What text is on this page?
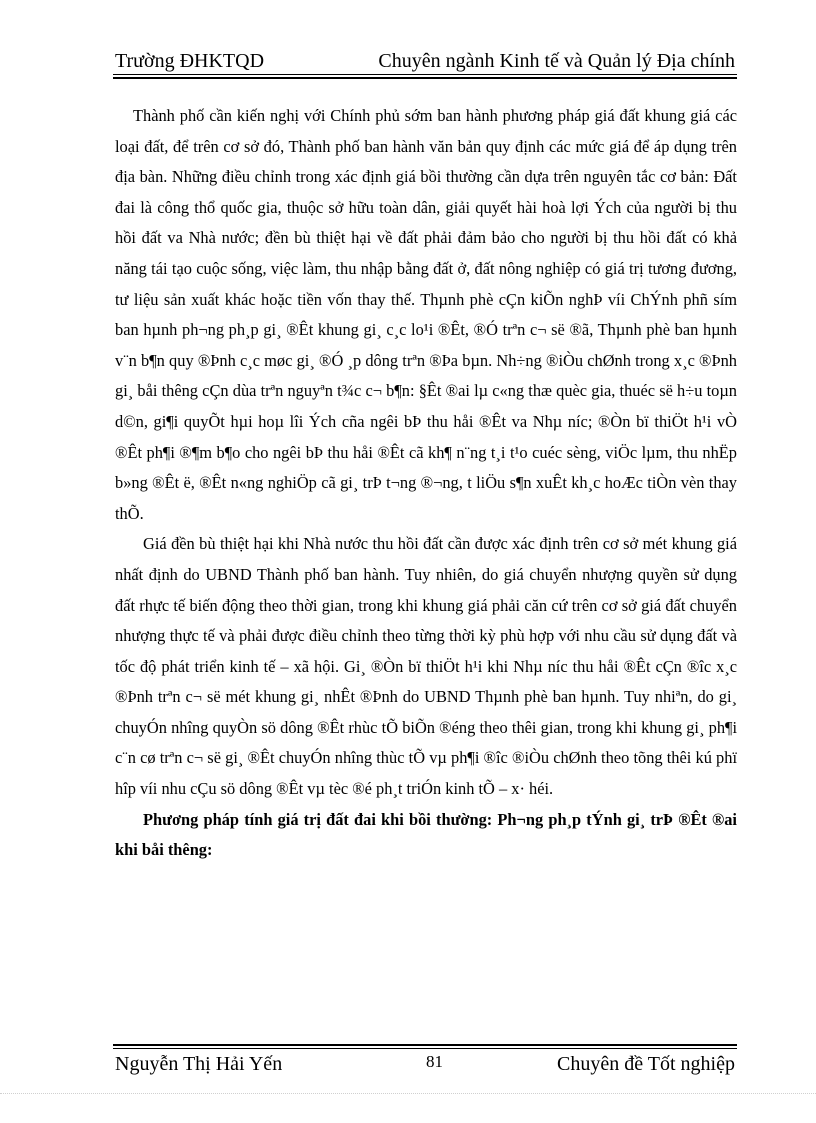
Trường ĐHKTQD	Chuyên ngành Kinh tế và Quản lý Địa chính

Thành phố cần kiến nghị với Chính phủ sớm ban hành phương pháp giá đất khung giá các loại đất, để trên cơ sở đó, Thành phố ban hành văn bản quy định các mức giá để áp dụng trên địa bàn. Những điều chỉnh trong xác định giá bồi thường cần dựa trên nguyên tắc cơ bản: Đất đai là công thổ quốc gia, thuộc sở hữu toàn dân, giải quyết hài hoà lợi Ých của người bị thu hồi đất va Nhà nước; đền bù thiệt hại về đất phải đảm bảo cho người bị thu hồi đất có khả năng tái tạo cuộc sống, việc làm, thu nhập bằng đất ở, đất nông nghiệp có giá trị tương đương, tư liệu sản xuất khác hoặc tiền vốn thay thế. Thµnh phè cÇn kiÕn nghÞ víi ChÝnh phñ sím ban hµnh ph¬ng ph¸p gi¸ ®Êt khung gi¸ c¸c lo¹i ®Êt, ®Ó trªn c¬ së ®ã, Thµnh phè ban hµnh v¨n b¶n quy ®Þnh c¸c møc gi¸ ®Ó ¸p dông trªn ®Þa bµn. Nh÷ng ®iÒu chØnh trong x¸c ®Þnh gi¸ båi thêng cÇn dùa trªn nguyªn t¾c c¬ b¶n: §Êt ®ai lµ c«ng thæ quèc gia, thuéc së h÷u toµn d©n, gi¶i quyÕt hµi hoµ lîi Ých cña ngêi bÞ thu håi ®Êt va Nhµ níc; ®Òn bï thiÖt h¹i vÒ ®Êt ph¶i ®¶m b¶o cho ngêi bÞ thu håi ®Êt cã kh¶ n¨ng t¸i t¹o cuéc sèng, viÖc lµm, thu nhËp b»ng ®Êt ë, ®Êt n«ng nghiÖp cã gi¸ trÞ t¬ng ®¬ng, t liÖu s¶n xuÊt kh¸c hoÆc tiÒn vèn thay thÕ.

Giá đền bù thiệt hại khi Nhà nước thu hồi đất cần được xác định trên cơ sở mét khung giá nhất định do UBND Thành phố ban hành. Tuy nhiên, do giá chuyển nhượng quyền sử dụng đất rhực tế biến động theo thời gian, trong khi khung giá phải căn cứ trên cơ sở giá đất chuyển nhượng thực tế và phải được điều chỉnh theo từng thời kỳ phù hợp với nhu cầu sử dụng đất và tốc độ phát triển kinh tế – xã hội. Gi¸ ®Òn bï thiÖt h¹i khi Nhµ níc thu håi ®Êt cÇn ®îc x¸c ®Þnh trªn c¬ së mét khung gi¸ nhÊt ®Þnh do UBND Thµnh phè ban hµnh. Tuy nhiªn, do gi¸ chuyÓn nhîng quyÒn sö dông ®Êt rhùc tÕ biÕn ®éng theo thêi gian, trong khi khung gi¸ ph¶i c¨n cø trªn c¬ së gi¸ ®Êt chuyÓn nhîng thùc tÕ vµ ph¶i ®îc ®iÒu chØnh theo tõng thêi kú phï hîp víi nhu cÇu sö dông ®Êt vµ tèc ®é ph¸t triÓn kinh tÕ – x· héi.

Phương pháp tính giá trị đất đai khi bồi thường: Ph¬ng ph¸p tÝnh gi¸ trÞ ®Êt ®ai khi båi thêng:

Nguyễn Thị Hải Yến	81	Chuyên đề Tốt nghiệp
